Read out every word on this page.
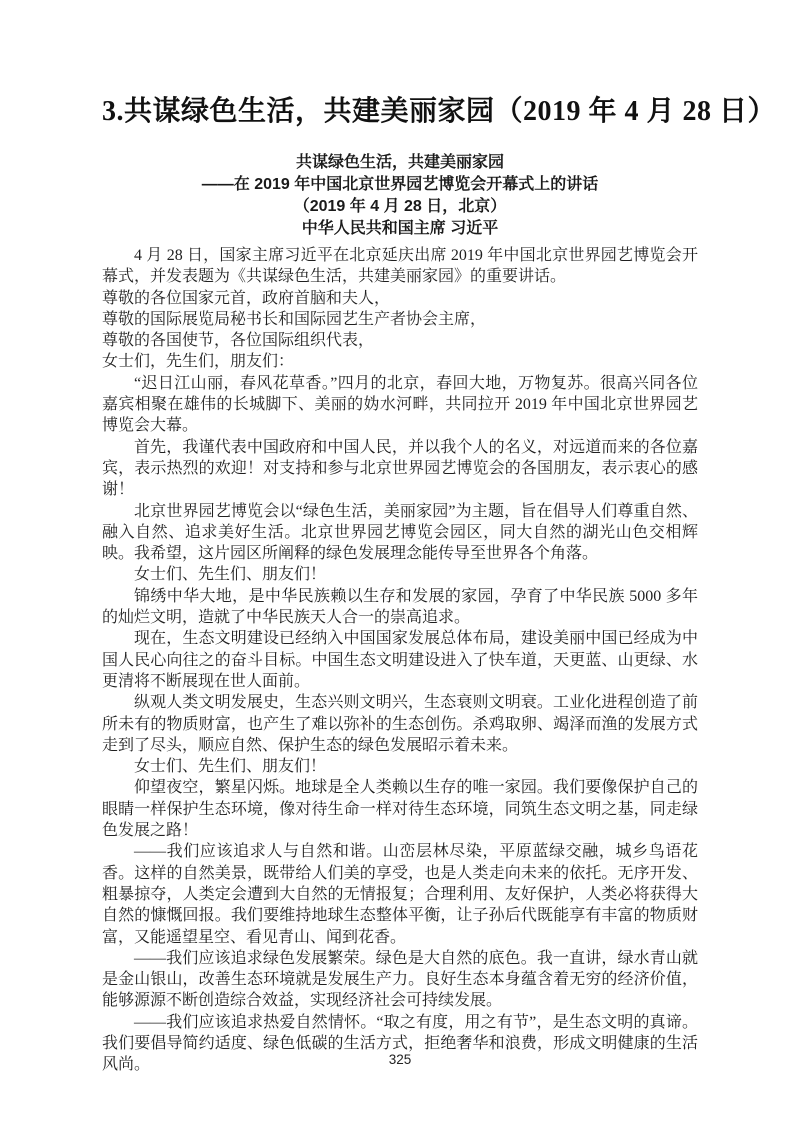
3.共谋绿色生活，共建美丽家园（2019 年 4 月 28 日）
共谋绿色生活，共建美丽家园
——在 2019 年中国北京世界园艺博览会开幕式上的讲话
（2019 年 4 月 28 日，北京）
中华人民共和国主席 习近平

4 月 28 日，国家主席习近平在北京延庆出席 2019 年中国北京世界园艺博览会开幕式，并发表题为《共谋绿色生活，共建美丽家园》的重要讲话。

尊敬的各位国家元首，政府首脑和夫人，

尊敬的国际展览局秘书长和国际园艺生产者协会主席，

尊敬的各国使节，各位国际组织代表，

女士们，先生们，朋友们：

“迟日江山丽，春风花草香。”四月的北京，春回大地，万物复苏。很高兴同各位嘉宾相聚在雄伟的长城脚下、美丽的妫水河畔，共同拉开 2019 年中国北京世界园艺博览会大幕。

首先，我谨代表中国政府和中国人民，并以我个人的名义，对远道而来的各位嘉宾，表示热烈的欢迎！对支持和参与北京世界园艺博览会的各国朋友，表示衷心的感谢！

北京世界园艺博览会以“绿色生活，美丽家园”为主题，旨在倡导人们尊重自然、融入自然、追求美好生活。北京世界园艺博览会园区，同大自然的湖光山色交相辉映。我希望，这片园区所阐释的绿色发展理念能传导至世界各个角落。

女士们、先生们、朋友们！

锦绣中华大地，是中华民族赖以生存和发展的家园，孕育了中华民族 5000 多年的灿烂文明，造就了中华民族天人合一的崇高追求。

现在，生态文明建设已经纳入中国国家发展总体布局，建设美丽中国已经成为中国人民心向往之的奋斗目标。中国生态文明建设进入了快车道，天更蓝、山更绿、水更清将不断展现在世人面前。

纵观人类文明发展史，生态兴则文明兴，生态衰则文明衰。工业化进程创造了前所未有的物质财富，也产生了难以弥补的生态创伤。杀鸡取卵、竭泽而渔的发展方式走到了尽头，顺应自然、保护生态的绿色发展昭示着未来。

女士们、先生们、朋友们！

仰望夜空，繁星闪烁。地球是全人类赖以生存的唯一家园。我们要像保护自己的眼睛一样保护生态环境，像对待生命一样对待生态环境，同筑生态文明之基，同走绿色发展之路！

——我们应该追求人与自然和谐。山峦层林尽染，平原蓝绿交融，城乡鸟语花香。这样的自然美景，既带给人们美的享受，也是人类走向未来的依托。无序开发、粗暴掠夺，人类定会遭到大自然的无情报复；合理利用、友好保护，人类必将获得大自然的慷慨回报。我们要维持地球生态整体平衡，让子孙后代既能享有丰富的物质财富，又能遥望星空、看见青山、闻到花香。

——我们应该追求绿色发展繁荣。绿色是大自然的底色。我一直讲，绿水青山就是金山银山，改善生态环境就是发展生产力。良好生态本身蕴含着无穷的经济价值，能够源源不断创造综合效益，实现经济社会可持续发展。

——我们应该追求热爱自然情怀。“取之有度，用之有节”，是生态文明的真谛。我们要倡导简约适度、绿色低碳的生活方式，拒绝奢华和浪费，形成文明健康的生活风尚。	325
